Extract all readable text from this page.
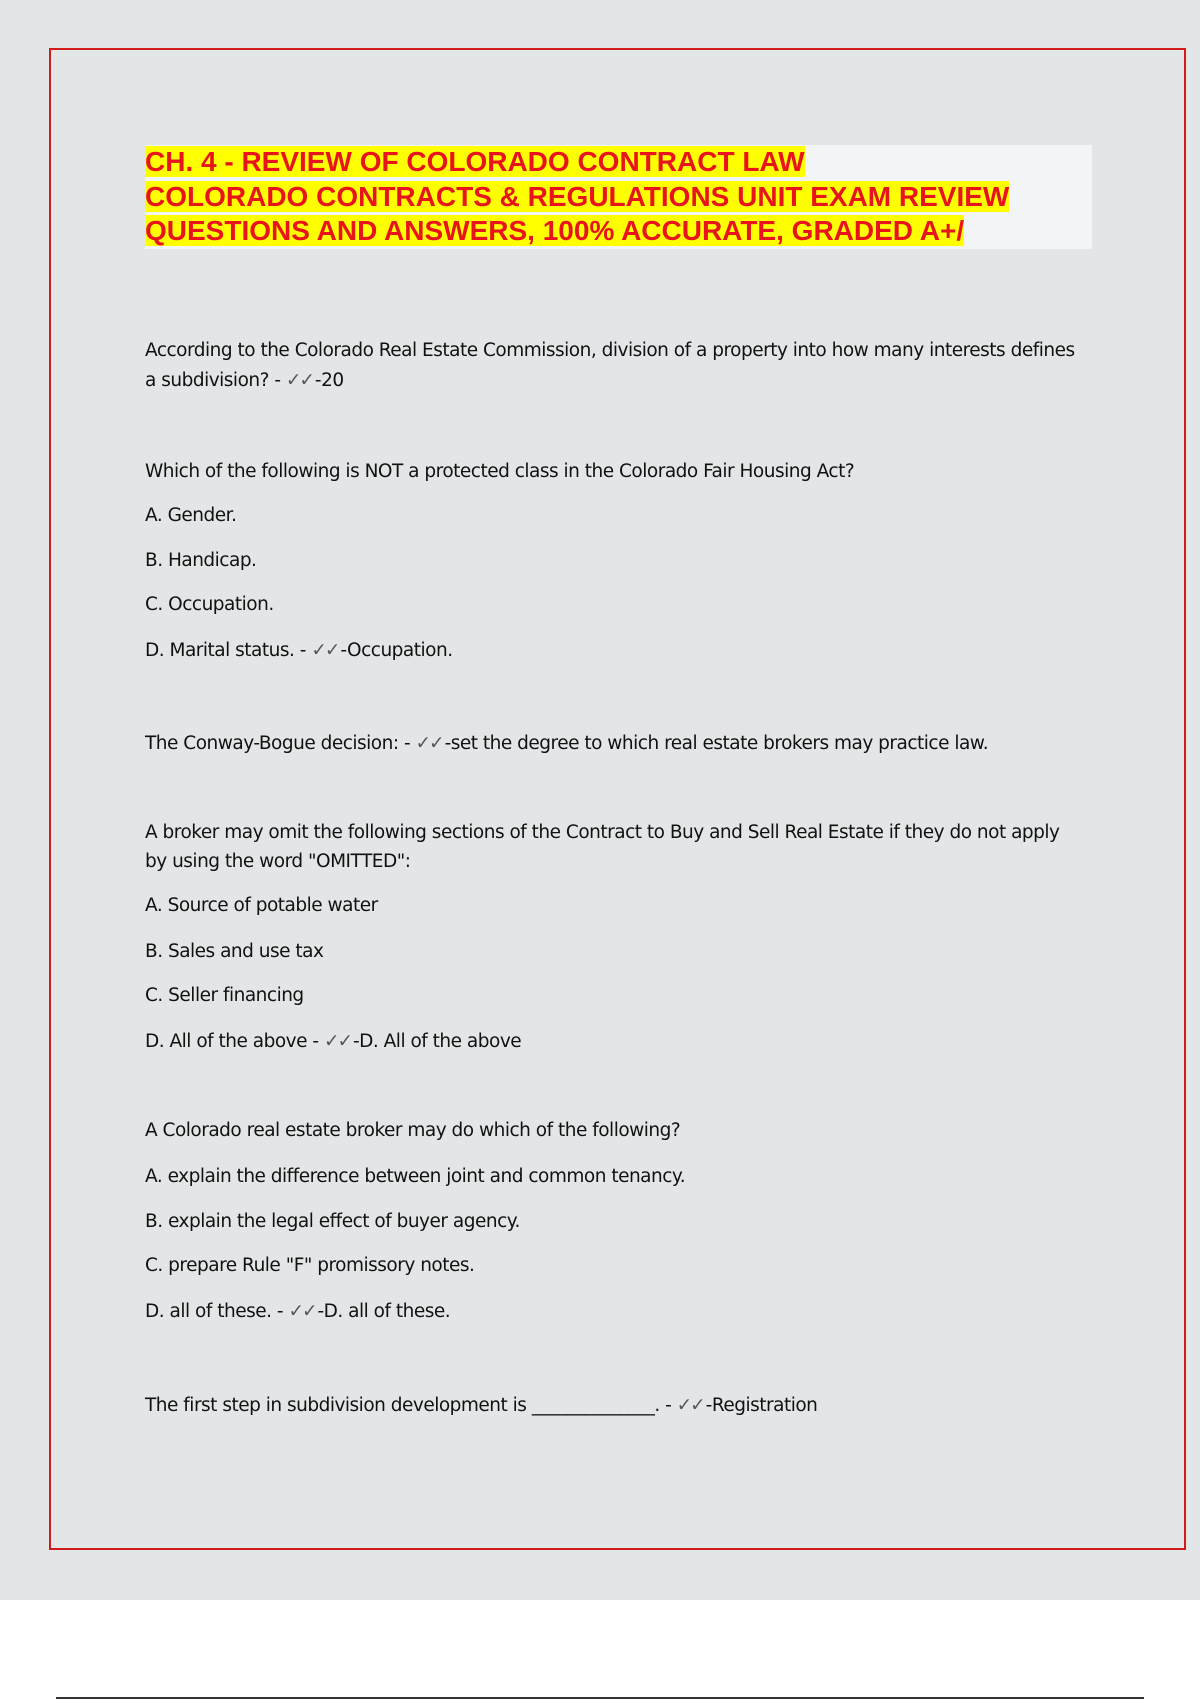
CH. 4 - REVIEW OF COLORADO CONTRACT LAW
COLORADO CONTRACTS & REGULATIONS UNIT EXAM REVIEW
QUESTIONS AND ANSWERS, 100% ACCURATE, GRADED A+/
According to the Colorado Real Estate Commission, division of a property into how many interests defines
a subdivision? - ✓✓ -20
Which of the following is NOT a protected class in the Colorado Fair Housing Act?
A. Gender.
B. Handicap.
C. Occupation.
D. Marital status. - ✓✓ -Occupation.
The Conway-Bogue decision: - ✓✓ -set the degree to which real estate brokers may practice law.
A broker may omit the following sections of the Contract to Buy and Sell Real Estate if they do not apply
by using the word "OMITTED":
A. Source of potable water
B. Sales and use tax
C. Seller financing
D. All of the above - ✓✓ -D. All of the above
A Colorado real estate broker may do which of the following?
A. explain the difference between joint and common tenancy.
B. explain the legal effect of buyer agency.
C. prepare Rule "F" promissory notes.
D. all of these. - ✓✓ -D. all of these.
The first step in subdivision development is ______________. - ✓✓ -Registration
